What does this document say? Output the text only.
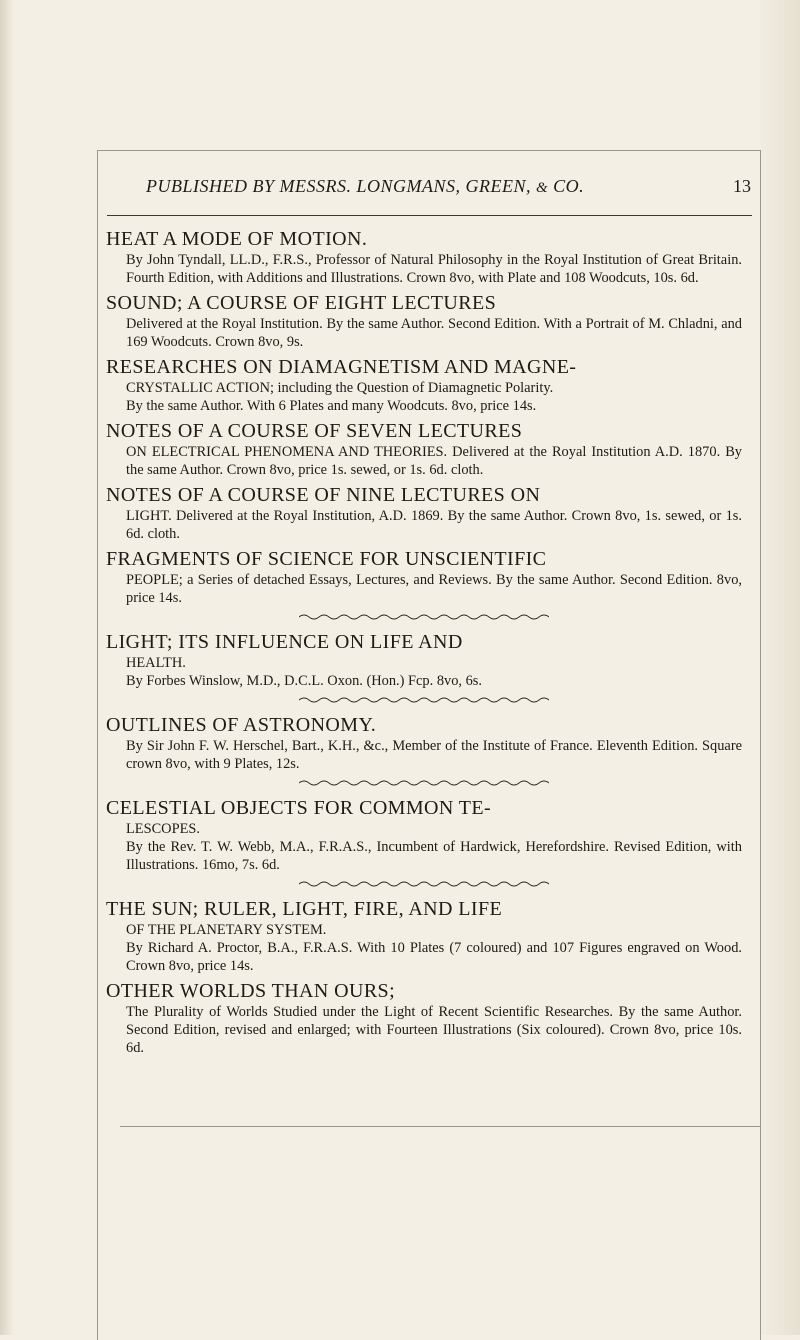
PUBLISHED BY MESSRS. LONGMANS, GREEN, & CO.	13
HEAT A MODE OF MOTION.
By John Tyndall, LL.D., F.R.S., Professor of Natural Philosophy in the Royal Institution of Great Britain. Fourth Edition, with Additions and Illustrations. Crown 8vo, with Plate and 108 Woodcuts, 10s. 6d.
SOUND; A COURSE OF EIGHT LECTURES
Delivered at the Royal Institution. By the same Author. Second Edition. With a Portrait of M. Chladni, and 169 Woodcuts. Crown 8vo, 9s.
RESEARCHES ON DIAMAGNETISM AND MAGNE-
CRYSTALLIC ACTION; including the Question of Diamagnetic Polarity.
By the same Author. With 6 Plates and many Woodcuts. 8vo, price 14s.
NOTES OF A COURSE OF SEVEN LECTURES
ON ELECTRICAL PHENOMENA AND THEORIES. Delivered at the Royal Institution A.D. 1870. By the same Author. Crown 8vo, price 1s. sewed, or 1s. 6d. cloth.
NOTES OF A COURSE OF NINE LECTURES ON
LIGHT. Delivered at the Royal Institution, A.D. 1869. By the same Author. Crown 8vo, 1s. sewed, or 1s. 6d. cloth.
FRAGMENTS OF SCIENCE FOR UNSCIENTIFIC
PEOPLE; a Series of detached Essays, Lectures, and Reviews. By the same Author. Second Edition. 8vo, price 14s.
LIGHT; ITS INFLUENCE ON LIFE AND
HEALTH.
By Forbes Winslow, M.D., D.C.L. Oxon. (Hon.) Fcp. 8vo, 6s.
OUTLINES OF ASTRONOMY.
By Sir John F. W. Herschel, Bart., K.H., &c., Member of the Institute of France. Eleventh Edition. Square crown 8vo, with 9 Plates, 12s.
CELESTIAL OBJECTS FOR COMMON TE-
LESCOPES.
By the Rev. T. W. Webb, M.A., F.R.A.S., Incumbent of Hardwick, Herefordshire. Revised Edition, with Illustrations. 16mo, 7s. 6d.
THE SUN; RULER, LIGHT, FIRE, AND LIFE
OF THE PLANETARY SYSTEM.
By Richard A. Proctor, B.A., F.R.A.S. With 10 Plates (7 coloured) and 107 Figures engraved on Wood. Crown 8vo, price 14s.
OTHER WORLDS THAN OURS;
The Plurality of Worlds Studied under the Light of Recent Scientific Researches. By the same Author. Second Edition, revised and enlarged; with Fourteen Illustrations (Six coloured). Crown 8vo, price 10s. 6d.
